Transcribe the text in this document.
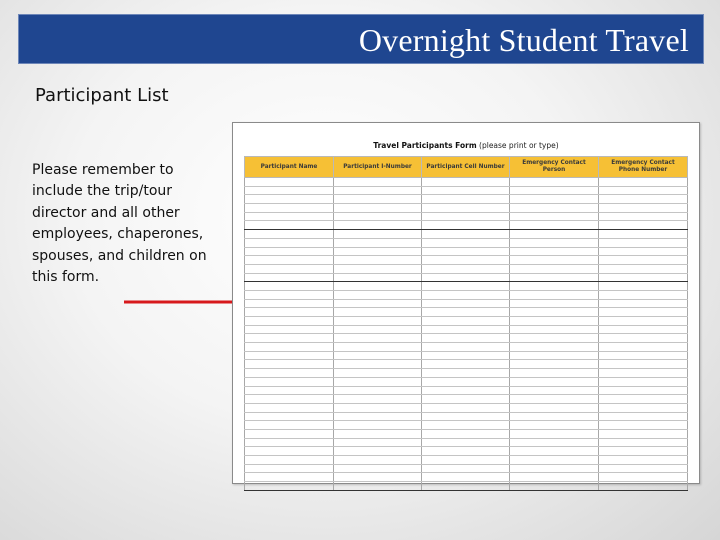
Overnight Student Travel
Participant List
Please remember to include the trip/tour director and all other employees, chaperones, spouses, and children on this form.
Travel Participants Form (please print or type)
Participant Name	Participant I-Number	Participant Cell Number	Emergency Contact Person	Emergency Contact Phone Number
